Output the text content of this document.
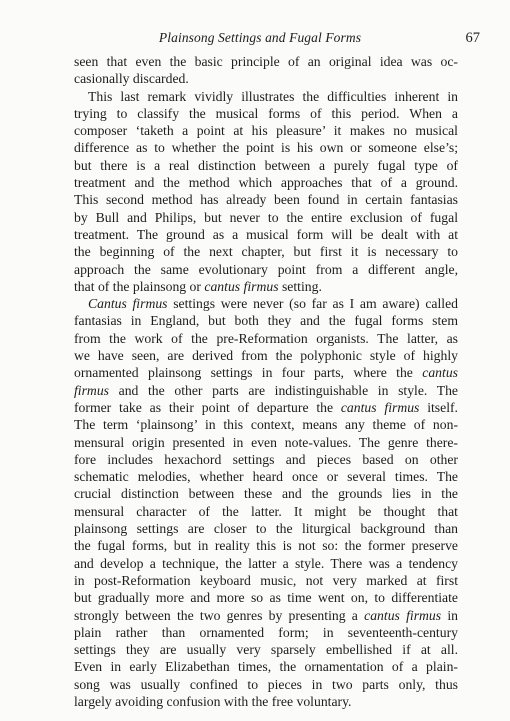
Plainsong Settings and Fugal Forms	67
seen that even the basic principle of an original idea was oc-
casionally discarded.
This last remark vividly illustrates the difficulties inherent in
trying to classify the musical forms of this period. When a
composer ‘taketh a point at his pleasure’ it makes no musical
difference as to whether the point is his own or someone else’s;
but there is a real distinction between a purely fugal type of
treatment and the method which approaches that of a ground.
This second method has already been found in certain fantasias
by Bull and Philips, but never to the entire exclusion of fugal
treatment. The ground as a musical form will be dealt with at
the beginning of the next chapter, but first it is necessary to
approach the same evolutionary point from a different angle,
that of the plainsong or cantus firmus setting.
Cantus firmus settings were never (so far as I am aware) called
fantasias in England, but both they and the fugal forms stem
from the work of the pre-Reformation organists. The latter, as
we have seen, are derived from the polyphonic style of highly
ornamented plainsong settings in four parts, where the cantus
firmus and the other parts are indistinguishable in style. The
former take as their point of departure the cantus firmus itself.
The term ‘plainsong’ in this context, means any theme of non-
mensural origin presented in even note-values. The genre there-
fore includes hexachord settings and pieces based on other
schematic melodies, whether heard once or several times. The
crucial distinction between these and the grounds lies in the
mensural character of the latter. It might be thought that
plainsong settings are closer to the liturgical background than
the fugal forms, but in reality this is not so: the former preserve
and develop a technique, the latter a style. There was a tendency
in post-Reformation keyboard music, not very marked at first
but gradually more and more so as time went on, to differentiate
strongly between the two genres by presenting a cantus firmus in
plain rather than ornamented form; in seventeenth-century
settings they are usually very sparsely embellished if at all.
Even in early Elizabethan times, the ornamentation of a plain-
song was usually confined to pieces in two parts only, thus
largely avoiding confusion with the free voluntary.
